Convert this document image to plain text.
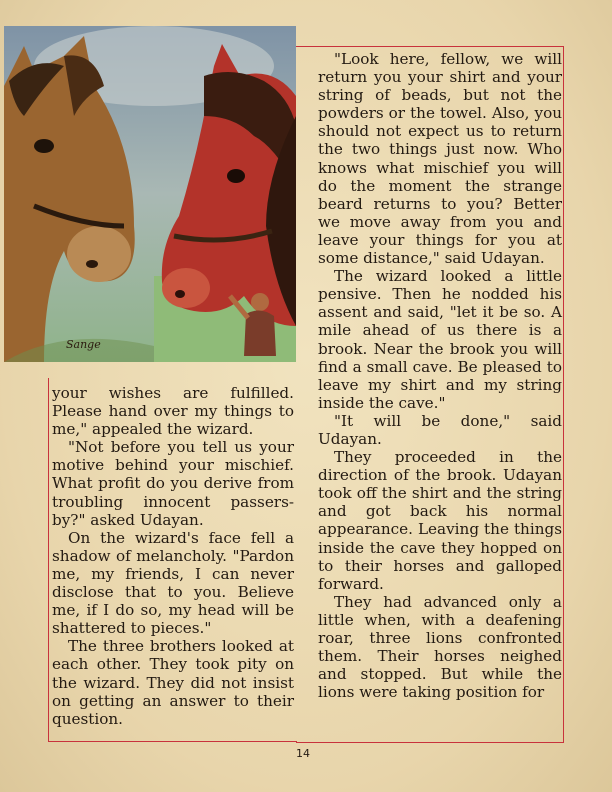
Sange

"Look here, fellow, we will return you your shirt and your string of beads, but not the powders or the towel. Also, you should not expect us to return the two things just now. Who knows what mischief you will do the moment the strange beard returns to you? Better we move away from you and leave your things for you at some distance," said Udayan.

The wizard looked a little pensive. Then he nodded his assent and said, "let it be so. A mile ahead of us there is a brook. Near the brook you will find a small cave. Be pleased to leave my shirt and my string inside the cave."

"It will be done," said Udayan.

They proceeded in the direction of the brook. Udayan took off the shirt and the string and got back his normal appearance. Leaving the things inside the cave they hopped on to their horses and galloped forward.

They had advanced only a little when, with a deafening roar, three lions confronted them. Their horses neighed and stopped. But while the lions were taking position for

your wishes are fulfilled. Please hand over my things to me," appealed the wizard.

"Not before you tell us your motive behind your mischief. What profit do you derive from troubling innocent passers-by?" asked Udayan.

On the wizard's face fell a shadow of melancholy. "Pardon me, my friends, I can never disclose that to you. Believe me, if I do so, my head will be shattered to pieces."

The three brothers looked at each other. They took pity on the wizard. They did not insist on getting an answer to their question.

14
